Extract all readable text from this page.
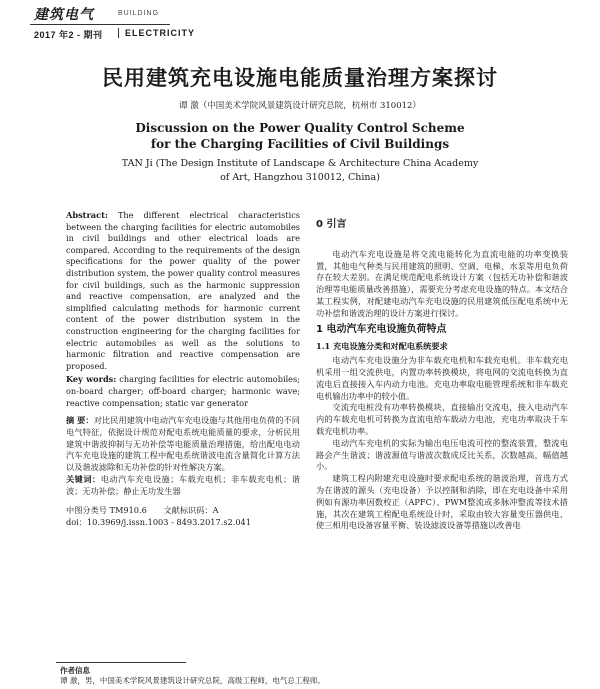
建筑电气	BUILDING
2017 年2 - 期刊	ELECTRICITY
民用建筑充电设施电能质量治理方案探讨
谭 激（中国美术学院风景建筑设计研究总院，杭州市 310012）
Discussion on the Power Quality Control Scheme
for the Charging Facilities of Civil Buildings
TAN Ji (The Design Institute of Landscape & Architecture China Academy
of Art, Hangzhou 310012, China)

Abstract: The different electrical characteristics between the charging facilities for electric automobiles in civil buildings and other electrical loads are compared. According to the requirements of the design specifications for the power quality of the power distribution system, the power quality control measures for civil buildings, such as the harmonic suppression and reactive compensation, are analyzed and the simplified calculating methods for harmonic current content of the power distribution system in the construction engineering for the charging facilities for electric automobiles as well as the solutions to harmonic filtration and reactive compensation are proposed.

Key words: charging facilities for electric automobiles; on-board charger; off-board charger; harmonic wave; reactive compensation; static var generator

摘 要：对比民用建筑中电动汽车充电设施与其他用电负荷的不同电气特征，依据设计规范对配电系统电能质量的要求，分析民用建筑中谐波抑制与无功补偿等电能质量治理措施，给出配电电动汽车充电设施的建筑工程中配电系统谐波电流含量简化计算方法以及谐波滤除和无功补偿的针对性解决方案。

关键词：电动汽车充电设施；车载充电机；非车载充电机；谐波；无功补偿；静止无功发生器

中图分类号 TM910.6 文献标识码：A
doi：10.3969/j.issn.1003 - 8493.2017.s2.041
0 引言

电动汽车充电设施是将交流电能转化为直流电能的功率变换装置，其他电气种类与民用建筑的照明、空调、电梯、水泵等用电负荷存在较大差别。在满足规范配电系统设计方案（包括无功补偿和谐波治理等电能质量改善措施），需要充分考虑充电设施的特点。本文结合某工程实例，对配建电动汽车充电设施的民用建筑低压配电系统中无功补偿和谐波治理的设计方案进行探讨。

1 电动汽车充电设施负荷特点
1.1 充电设施分类和对配电系统要求

电动汽车充电设施分为非车载充电机和车载充电机。非车载充电机采用一组交流供电，内置功率转换模块，将电网的交流电转换为直流电后直接接入车内动力电池。充电功率取电能管理系统和非车载充电机输出功率中的较小值。

交流充电桩没有功率转换模块，直接输出交流电，接入电动汽车内的车载充电机可转换为直流电给车载动力电池，充电功率取决于车载充电机功率。

电动汽车充电机的实际为输出电压电流可控的整流装置，整流电路会产生谐波；谐波源值与谐波次数成反比关系，次数越高，幅值越小。

建筑工程内附建充电设施时要求配电系统的谐波治理，首选方式为在谐波的源头（充电设备）予以控制和消除，即在充电设备中采用例如有源功率因数校正（APFC）、PWM整流或多脉冲整流等技术措施，其次在建筑工程配电系统设计时，采取由较大容量变压器供电、使三相用电设备容量平衡、装设滤波设备等措施以改善电

作者信息
谭 激，男，中国美术学院风景建筑设计研究总院，高级工程师，电气总工程师。
